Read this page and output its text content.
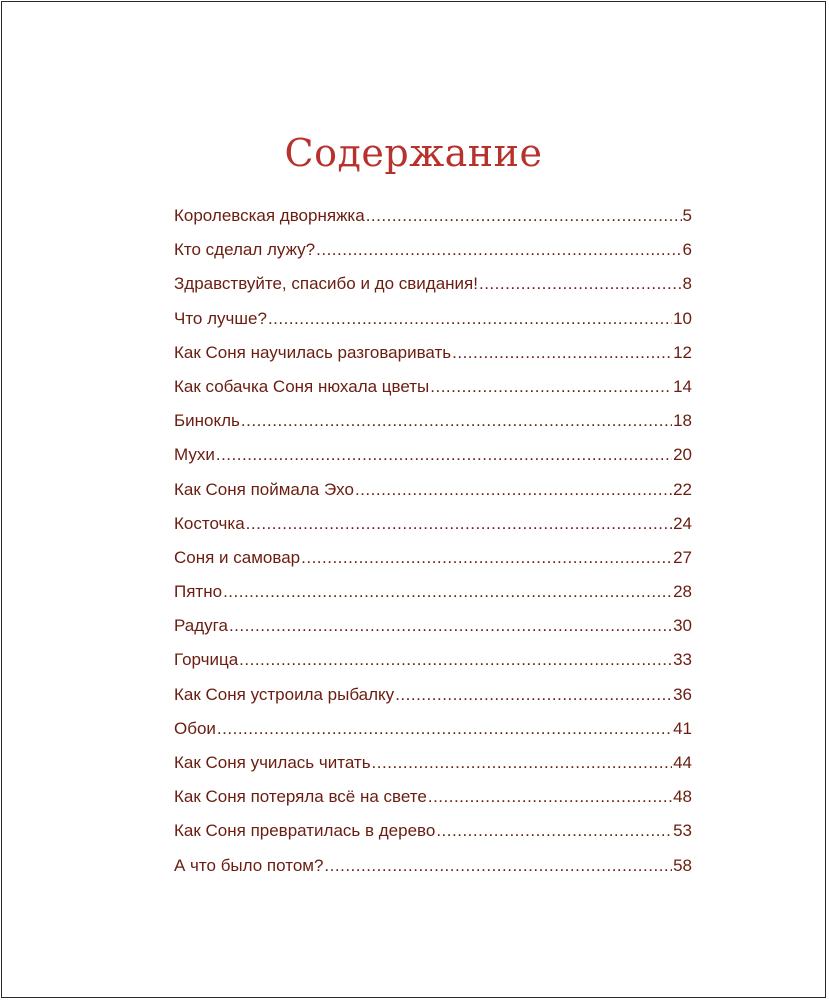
Содержание
Королевская дворняжка .....	5
Кто сделал лужу? .....	6
Здравствуйте, спасибо и до свидания! .....	8
Что лучше? .....	10
Как Соня научилась разговаривать .....	12
Как собачка Соня нюхала цветы .....	14
Бинокль .....	18
Мухи .....	20
Как Соня поймала Эхо .....	22
Косточка .....	24
Соня и самовар .....	27
Пятно .....	28
Радуга .....	30
Горчица .....	33
Как Соня устроила рыбалку .....	36
Обои .....	41
Как Соня училась читать .....	44
Как Соня потеряла всё на свете .....	48
Как Соня превратилась в дерево .....	53
А что было потом? .....	58
